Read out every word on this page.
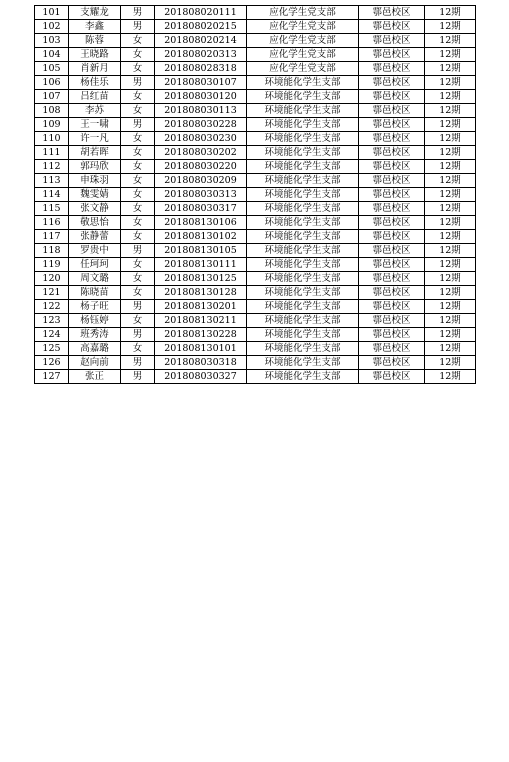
101	支耀龙	男	201808020111	应化学生党支部	鄠邑校区	12期
102	李鑫	男	201808020215	应化学生党支部	鄠邑校区	12期
103	陈蓉	女	201808020214	应化学生党支部	鄠邑校区	12期
104	王晓路	女	201808020313	应化学生党支部	鄠邑校区	12期
105	肖新月	女	201808028318	应化学生党支部	鄠邑校区	12期
106	杨佳乐	男	201808030107	环境能化学生支部	鄠邑校区	12期
107	吕红苗	女	201808030120	环境能化学生支部	鄠邑校区	12期
108	李苏	女	201808030113	环境能化学生支部	鄠邑校区	12期
109	王一啸	男	201808030228	环境能化学生支部	鄠邑校区	12期
110	许一凡	女	201808030230	环境能化学生支部	鄠邑校区	12期
111	胡若晖	女	201808030202	环境能化学生支部	鄠邑校区	12期
112	郭玛欣	女	201808030220	环境能化学生支部	鄠邑校区	12期
113	申珠羽	女	201808030209	环境能化学生支部	鄠邑校区	12期
114	魏雯婧	女	201808030313	环境能化学生支部	鄠邑校区	12期
115	张文静	女	201808030317	环境能化学生支部	鄠邑校区	12期
116	敬思怡	女	201808130106	环境能化学生支部	鄠邑校区	12期
117	张静蕾	女	201808130102	环境能化学生支部	鄠邑校区	12期
118	罗贵中	男	201808130105	环境能化学生支部	鄠邑校区	12期
119	任珂珂	女	201808130111	环境能化学生支部	鄠邑校区	12期
120	周文璐	女	201808130125	环境能化学生支部	鄠邑校区	12期
121	陈晓苗	女	201808130128	环境能化学生支部	鄠邑校区	12期
122	杨子旺	男	201808130201	环境能化学生支部	鄠邑校区	12期
123	杨钰婷	女	201808130211	环境能化学生支部	鄠邑校区	12期
124	班秀涛	男	201808130228	环境能化学生支部	鄠邑校区	12期
125	高嘉璐	女	201808130101	环境能化学生支部	鄠邑校区	12期
126	赵向前	男	201808030318	环境能化学生支部	鄠邑校区	12期
127	张正	男	201808030327	环境能化学生支部	鄠邑校区	12期
